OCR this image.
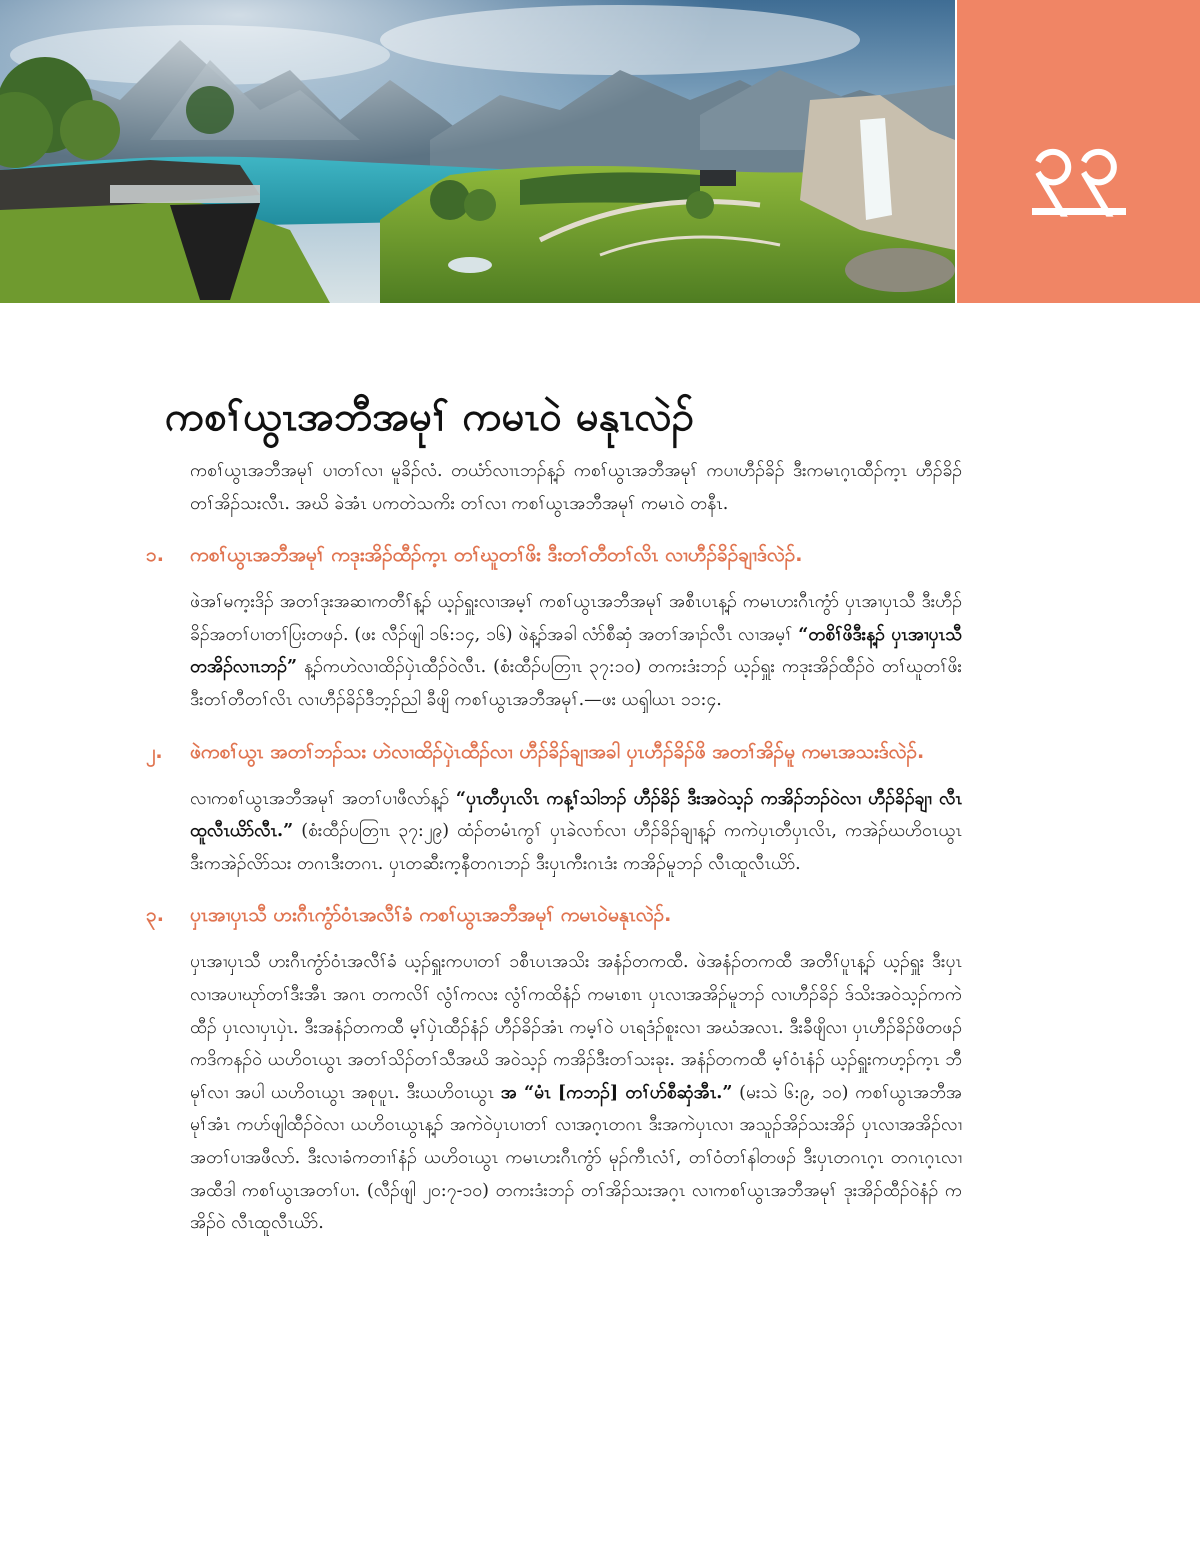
၃၃
ကစၢ်ယွၤအဘီအမုၢ် ကမၤဝဲ မနုၤလဲၣ်

ကစၢ်ယွၤအဘီအမုၢ် ပၢတၢ်လၢ မူခိၣ်လံ. တယံာ်လၢၤဘၣ်န့ၣ် ကစၢ်ယွၤအဘီအမုၢ် ကပၢဟီၣ်ခိၣ် ဒီးကမၤဂ့ၤထီၣ်က့ၤ ဟီၣ်ခိၣ်တၢ်အိၣ်သးလီၤ. အဃိ ခဲအံၤ ပကတဲသကိး တၢ်လၢ ကစၢ်ယွၤအဘီအမုၢ် ကမၤဝဲ တနီၤ.

၁.	ကစၢ်ယွၤအဘီအမုၢ် ကဒုးအိၣ်ထီၣ်က့ၤ တၢ်ဃူတၢ်ဖိး ဒီးတၢ်တီတၢ်လိၤ လၢဟီၣ်ခိၣ်ချၢဒ်လဲၣ်.

ဖဲအၢ်မက့းဒိၣ် အတၢ်ဒုးအဆၢကတီၢ်န့ၣ် ယ့ၣ်ရှူးလၢအမ့ၢ် ကစၢ်ယွၤအဘီအမုၢ် အစီၤပၤန့ၣ် ကမၤဟးဂီၤကွံာ် ပှၤအၢပှၤသီ ဒီးဟီၣ်ခိၣ်အတၢ်ပၢတၢ်ပြးတဖၣ်. (ဖး လီၣ်ဖျါ ၁၆:၁၄, ၁၆) ဖဲန့ၣ်အခါ လံာ်စီဆှံ အတၢ်အၢၣ်လီၤ လၢအမ့ၢ် “တစိၢ်ဖိဒီးန့ၣ် ပှၤအၢပှၤသီ တအိၣ်လၢၤဘၣ်” န့ၣ်ကဟဲလၢထိၣ်ပှဲၤထီၣ်ဝဲလီၤ. (စံးထီၣ်ပတြၢၤ ၃၇:၁၀) တကးဒံးဘၣ် ယ့ၣ်ရှူး ကဒုးအိၣ်ထီၣ်ဝဲ တၢ်ဃူတၢ်ဖိး ဒီးတၢ်တီတၢ်လိၤ လၢဟီၣ်ခိၣ်ဒီဘ့ၣ်ညါ ခီဖျိ ကစၢ်ယွၤအဘီအမုၢ်.—ဖး ယၡါယၤ ၁၁:၄.

၂.	ဖဲကစၢ်ယွၤ အတၢ်ဘၣ်သး ဟဲလၢထိၣ်ပှဲၤထီၣ်လၢ ဟီၣ်ခိၣ်ချၢအခါ ပှၤဟီၣ်ခိၣ်ဖိ အတၢ်အိၣ်မူ ကမၤအသးဒ်လဲၣ်.

လၢကစၢ်ယွၤအဘီအမုၢ် အတၢ်ပၢဖီလာ်န့ၣ် “ပှၤတီပှၤလိၤ ကန့ၢ်သါဘၣ် ဟီၣ်ခိၣ် ဒီးအဝဲသ့ၣ် ကအိၣ်ဘၣ်ဝဲလၢ ဟီၣ်ခိၣ်ချၢ လီၤထူလီၤယိာ်လီၤ.” (စံးထီၣ်ပတြၢၤ ၃၇:၂၉) ထံၣ်တမံၤကွၢ် ပှၤခဲလၢာ်လၢ ဟီၣ်ခိၣ်ချၢန့ၣ် ကကဲပှၤတီပှၤလိၤ, ကအဲၣ်ဃဟိဝၤယွၤ ဒီးကအဲၣ်လိာ်သး တဂၤဒီးတဂၤ. ပှၤတဆီးက့နီတဂၤဘၣ် ဒီးပှၤကီးဂၤဒံး ကအိၣ်မူဘၣ် လီၤထူလီၤယိာ်.

၃.	ပှၤအၢပှၤသီ ဟးဂီၤကွံာ်ဝံၤအလီၢ်ခံ ကစၢ်ယွၤအဘီအမုၢ် ကမၤဝဲမနုၤလဲၣ်.

ပှၤအၢပှၤသီ ဟးဂီၤကွံာ်ဝံၤအလီၢ်ခံ ယ့ၣ်ရှူးကပၢတၢ် ၁စီၤပၤအသိး အနံၣ်တကထီ. ဖဲအနံၣ်တကထီ အတီၢ်ပူၤန့ၣ် ယ့ၣ်ရှူး ဒီးပှၤလၢအပၢဃုာ်တၢ်ဒီးအီၤ အဂၤ တကလိၢ် လွံၢ်ကလး လွံၢ်ကထိနံၣ် ကမၤစၢၤ ပှၤလၢအအိၣ်မူဘၣ် လၢဟီၣ်ခိၣ် ဒ်သိးအဝဲသ့ၣ်ကကဲထီၣ် ပှၤလၢပှၤပှဲၤ. ဒီးအနံၣ်တကထီ မ့ၢ်ပှဲၤထီၣ်နံၣ် ဟီၣ်ခိၣ်အံၤ ကမ့ၢ်ဝဲ ပၤရဒံၣ်စူးလၢ အဃံအလၤ. ဒီးခီဖျိလၢ ပှၤဟီၣ်ခိၣ်ဖိတဖၣ် ကဒိကနၣ်ဝဲ ယဟိဝၤယွၤ အတၢ်သိၣ်တၢ်သီအဃိ အဝဲသ့ၣ် ကအိၣ်ဒီးတၢ်သးခုး. အနံၣ်တကထီ မ့ၢ်ဝံၤနံၣ် ယ့ၣ်ရှူးကဟ့ၣ်က့ၤ ဘီမုၢ်လၢ အပါ ယဟိဝၤယွၤ အစုပူၤ. ဒီးယဟိဝၤယွၤ အ “မံၤ [ကဘၣ်] တၢ်ပာ်စီဆှံအီၤ.” (မးသဲ ၆:၉, ၁၀) ကစၢ်ယွၤအဘီအမုၢ်အံၤ ကပာ်ဖျါထီၣ်ဝဲလၢ ယဟိဝၤယွၤန့ၣ် အကဲဝဲပှၤပၢတၢ် လၢအဂ့ၤတဂၤ ဒီးအကဲပှၤလၢ အသူၣ်အိၣ်သးအိၣ် ပှၤလၢအအိၣ်လၢ အတၢ်ပၢအဖီလာ်. ဒီးလၢခံကတၢၢ်နံၣ် ယဟိဝၤယွၤ ကမၤဟးဂီၤကွံာ် မုၣ်ကီၤလံၢ်, တၢ်ဝံတၢ်နါတဖၣ် ဒီးပှၤတဂၤဂ့ၤ တဂၤဂ့ၤလၢ အထီဒါ ကစၢ်ယွၤအတၢ်ပၢ. (လီၣ်ဖျါ ၂၀:၇-၁၀) တကးဒံးဘၣ် တၢ်အိၣ်သးအဂ့ၤ လၢကစၢ်ယွၤအဘီအမုၢ် ဒုးအိၣ်ထီၣ်ဝဲနံၣ် ကအိၣ်ဝဲ လီၤထူလီၤယိာ်.
